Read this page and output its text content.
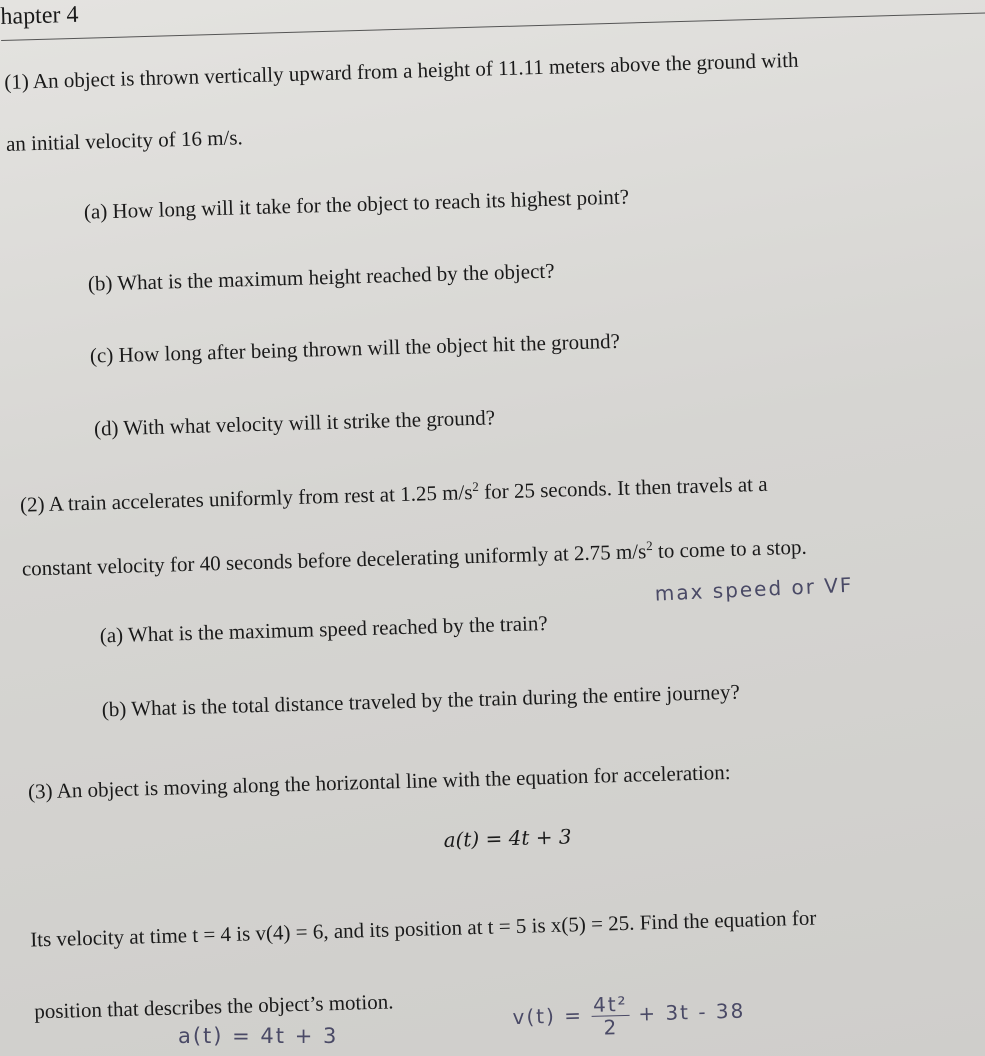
hapter 4
(1) An object is thrown vertically upward from a height of 11.11 meters above the ground with
an initial velocity of 16 m/s.
(a) How long will it take for the object to reach its highest point?
(b) What is the maximum height reached by the object?
(c) How long after being thrown will the object hit the ground?
(d) With what velocity will it strike the ground?
(2) A train accelerates uniformly from rest at 1.25 $m/s^2$ for 25 seconds. It then travels at a
constant velocity for 40 seconds before decelerating uniformly at 2.75 $m/s^2$ to come to a stop.
(a) What is the maximum speed reached by the train?
max speed or VF
(b) What is the total distance traveled by the train during the entire journey?
(3) An object is moving along the horizontal line with the equation for acceleration:
a(t) = 4t + 3
Its velocity at time t = 4 is v(4) = 6, and its position at t = 5 is x(5) = 25. Find the equation for
position that describes the object’s motion.	$v(t) = \frac{\text{4t²}}{2} + 3t - 38$
a(t) = 4t + 3
